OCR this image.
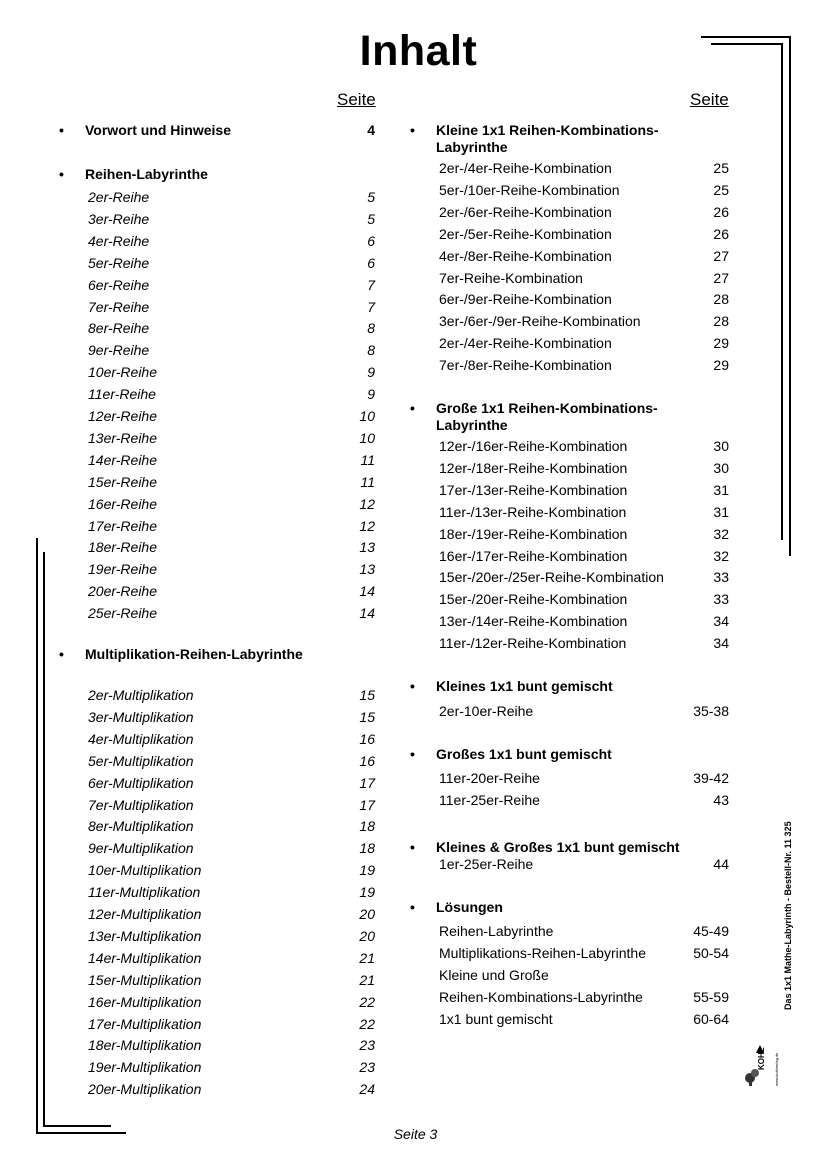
Inhalt
Seite	Seite
• Vorwort und Hinweise	4
• Reihen-Labyrinthe
2er-Reihe	5
3er-Reihe	5
4er-Reihe	6
5er-Reihe	6
6er-Reihe	7
7er-Reihe	7
8er-Reihe	8
9er-Reihe	8
10er-Reihe	9
11er-Reihe	9
12er-Reihe	10
13er-Reihe	10
14er-Reihe	11
15er-Reihe	11
16er-Reihe	12
17er-Reihe	12
18er-Reihe	13
19er-Reihe	13
20er-Reihe	14
25er-Reihe	14
• Multiplikation-Reihen-Labyrinthe
2er-Multiplikation	15
3er-Multiplikation	15
4er-Multiplikation	16
5er-Multiplikation	16
6er-Multiplikation	17
7er-Multiplikation	17
8er-Multiplikation	18
9er-Multiplikation	18
10er-Multiplikation	19
11er-Multiplikation	19
12er-Multiplikation	20
13er-Multiplikation	20
14er-Multiplikation	21
15er-Multiplikation	21
16er-Multiplikation	22
17er-Multiplikation	22
18er-Multiplikation	23
19er-Multiplikation	23
20er-Multiplikation	24
• Kleine 1x1 Reihen-Kombinations-
Labyrinthe
2er-/4er-Reihe-Kombination	25
5er-/10er-Reihe-Kombination	25
2er-/6er-Reihe-Kombination	26
2er-/5er-Reihe-Kombination	26
4er-/8er-Reihe-Kombination	27
7er-Reihe-Kombination	27
6er-/9er-Reihe-Kombination	28
3er-/6er-/9er-Reihe-Kombination	28
2er-/4er-Reihe-Kombination	29
7er-/8er-Reihe-Kombination	29
• Große 1x1 Reihen-Kombinations-
Labyrinthe
12er-/16er-Reihe-Kombination	30
12er-/18er-Reihe-Kombination	30
17er-/13er-Reihe-Kombination	31
11er-/13er-Reihe-Kombination	31
18er-/19er-Reihe-Kombination	32
16er-/17er-Reihe-Kombination	32
15er-/20er-/25er-Reihe-Kombination	33
15er-/20er-Reihe-Kombination	33
13er-/14er-Reihe-Kombination	34
11er-/12er-Reihe-Kombination	34
• Kleines 1x1 bunt gemischt
2er-10er-Reihe	35-38
• Großes 1x1 bunt gemischt
11er-20er-Reihe	39-42
11er-25er-Reihe	43
• Kleines & Großes 1x1 bunt gemischt
1er-25er-Reihe	44
• Lösungen
Reihen-Labyrinthe	45-49
Multiplikations-Reihen-Labyrinthe	50-54
Kleine und Große
Reihen-Kombinations-Labyrinthe	55-59
1x1 bunt gemischt	60-64
KOHL www.kohlverlag.de
Das 1x1 Mathe-Labyrinth - Bestell-Nr. 11 325
Seite 3
